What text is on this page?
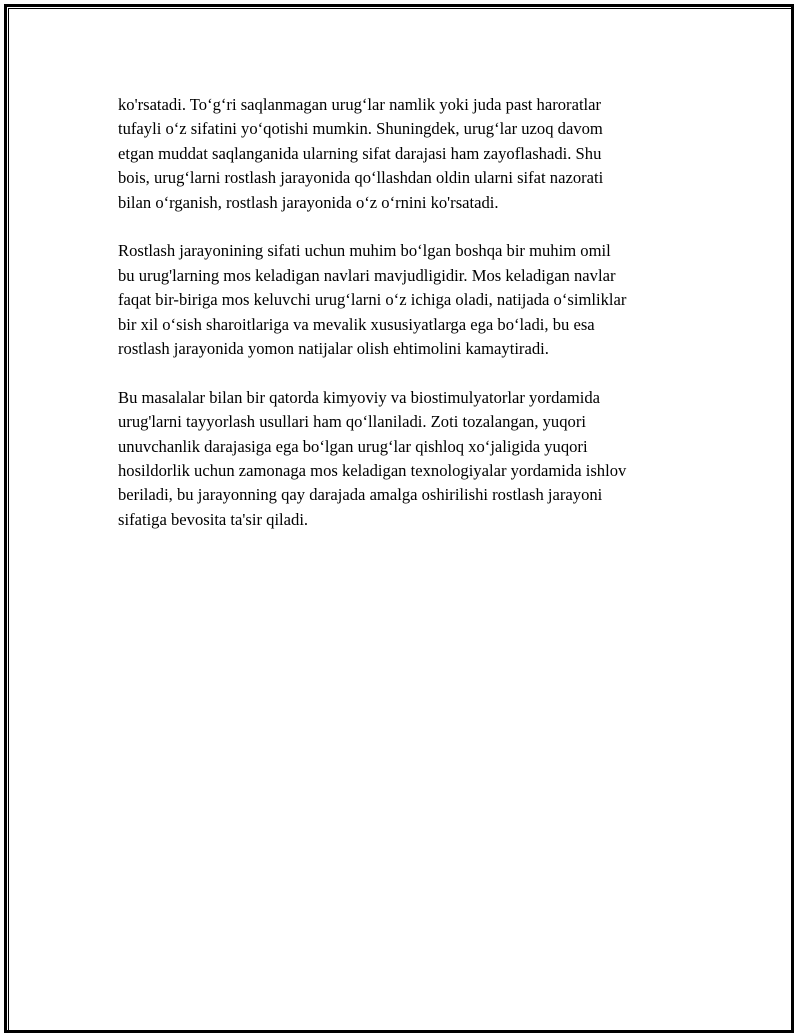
ko'rsatadi. To‘g‘ri saqlanmagan urug‘lar namlik yoki juda past haroratlar
tufayli o‘z sifatini yo‘qotishi mumkin. Shuningdek, urug‘lar uzoq davom
etgan muddat saqlanganida ularning sifat darajasi ham zayoflashadi. Shu
bois, urug‘larni rostlash jarayonida qo‘llashdan oldin ularni sifat nazorati
bilan o‘rganish, rostlash jarayonida o‘z o‘rnini ko'rsatadi.

Rostlash jarayonining sifati uchun muhim bo‘lgan boshqa bir muhim omil
bu urug'larning mos keladigan navlari mavjudligidir. Mos keladigan navlar
faqat bir-biriga mos keluvchi urug‘larni o‘z ichiga oladi, natijada o‘simliklar
bir xil o‘sish sharoitlariga va mevalik xususiyatlarga ega bo‘ladi, bu esa
rostlash jarayonida yomon natijalar olish ehtimolini kamaytiradi.

Bu masalalar bilan bir qatorda kimyoviy va biostimulyatorlar yordamida
urug'larni tayyorlash usullari ham qo‘llaniladi. Zoti tozalangan, yuqori
unuvchanlik darajasiga ega bo‘lgan urug‘lar qishloq xo‘jaligida yuqori
hosildorlik uchun zamonaga mos keladigan texnologiyalar yordamida ishlov
beriladi, bu jarayonning qay darajada amalga oshirilishi rostlash jarayoni
sifatiga bevosita ta'sir qiladi.
